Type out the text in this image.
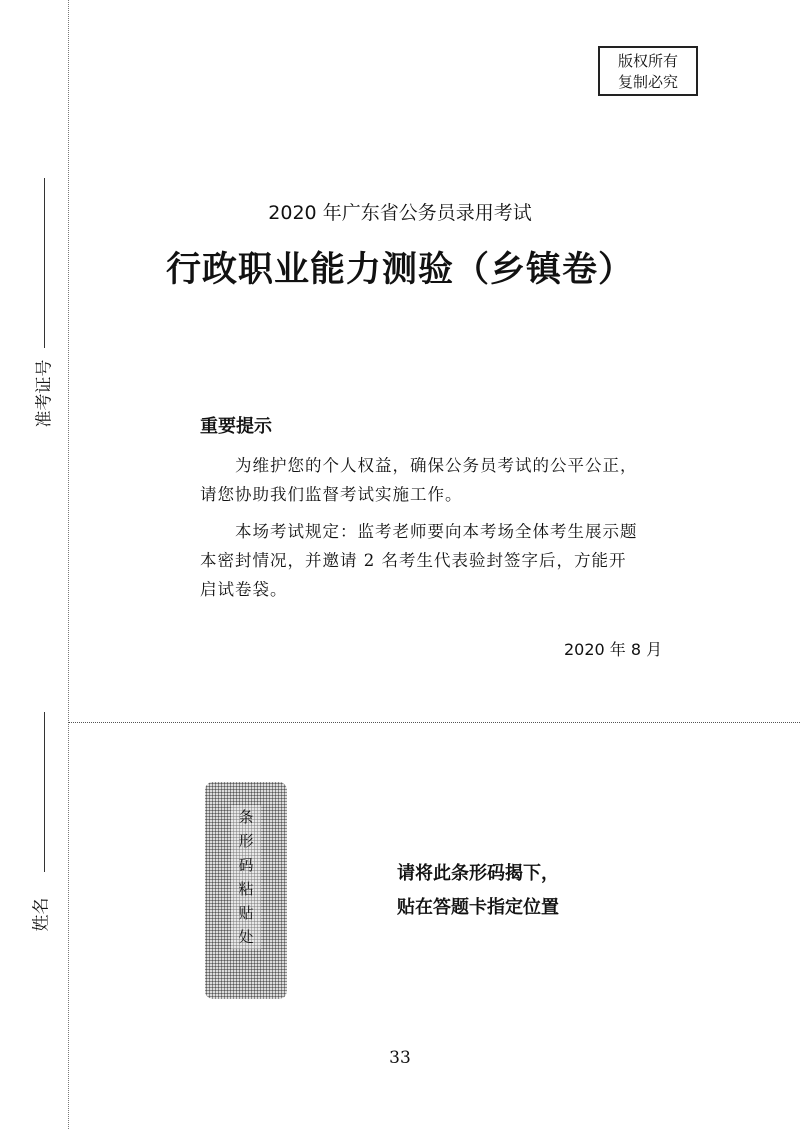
准考证号
姓名
版权所有
复制必究
2020 年广东省公务员录用考试
行政职业能力测验（乡镇卷）
重要提示
　　为维护您的个人权益，确保公务员考试的公平公正，
请您协助我们监督考试实施工作。
　　本场考试规定：监考老师要向本考场全体考生展示题
本密封情况，并邀请 2 名考生代表验封签字后，方能开
启试卷袋。
2020 年 8 月
条
形
码
粘
贴
处
请将此条形码揭下，
贴在答题卡指定位置
33
